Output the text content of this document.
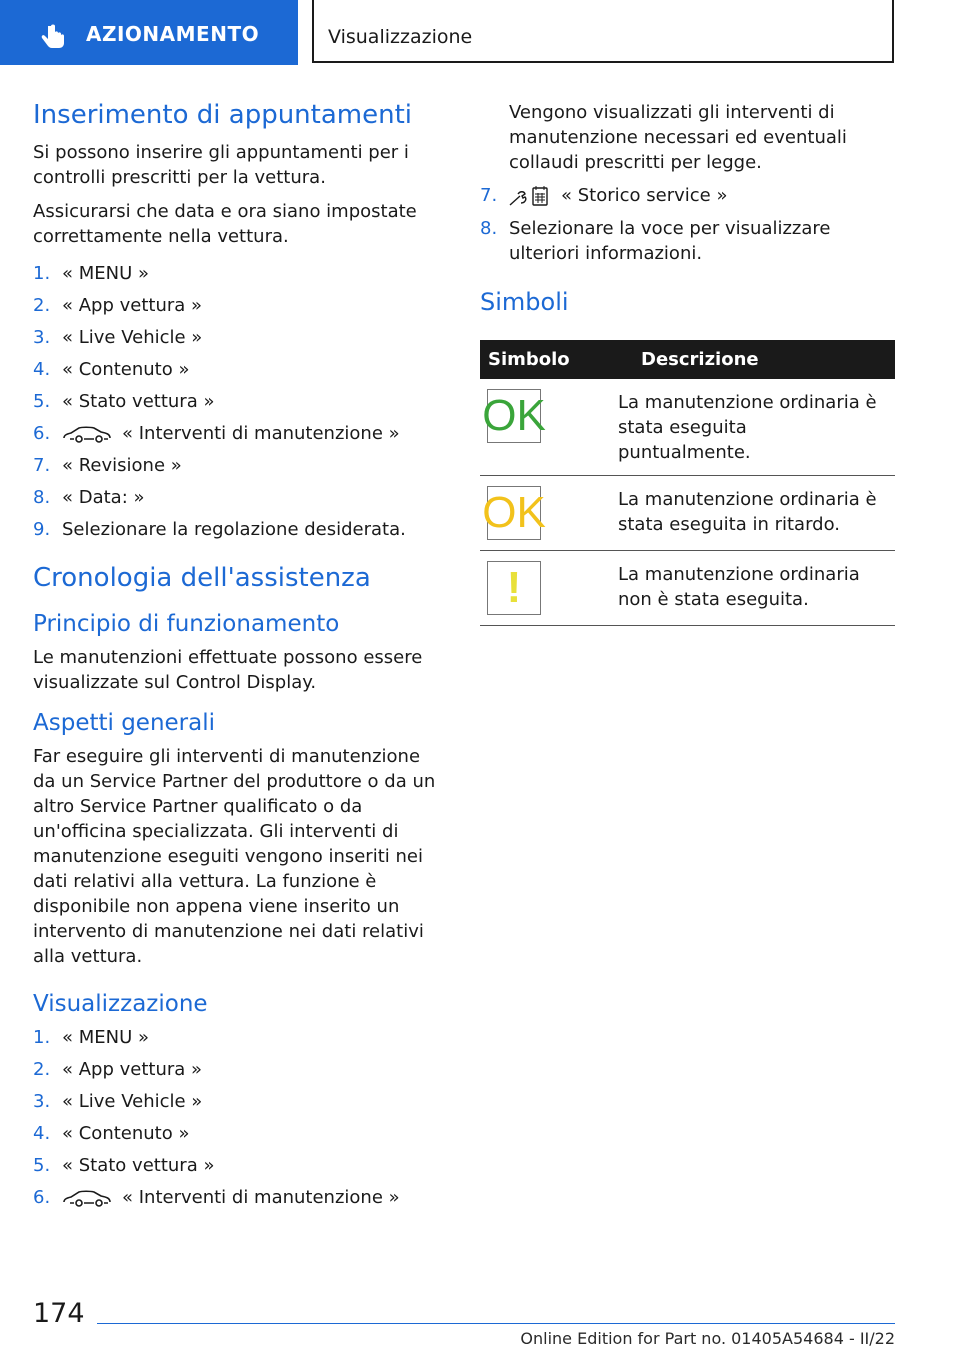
AZIONAMENTO	Visualizzazione
Inserimento di appuntamenti

Si possono inserire gli appuntamenti per i controlli prescritti per la vettura.

Assicurarsi che data e ora siano impostate correttamente nella vettura.

1. « MENU »
2. « App vettura »
3. « Live Vehicle »
4. « Contenuto »
5. « Stato vettura »
6.	« Interventi di manutenzione »
7. « Revisione »
8. « Data: »
9. Selezionare la regolazione desiderata.
Cronologia dell'assistenza
Principio di funzionamento

Le manutenzioni effettuate possono essere visualizzate sul Control Display.

Aspetti generali

Far eseguire gli interventi di manutenzione da un Service Partner del produttore o da un altro Service Partner qualificato o da un'officina specializzata. Gli interventi di manutenzione eseguiti vengono inseriti nei dati relativi alla vettura. La funzione è disponibile non appena viene inserito un intervento di manutenzione nei dati relativi alla vettura.

Visualizzazione
1. « MENU »
2. « App vettura »
3. « Live Vehicle »
4. « Contenuto »
5. « Stato vettura »
6.	« Interventi di manutenzione »

Vengono visualizzati gli interventi di manutenzione necessari ed eventuali collaudi prescritti per legge.

7.	« Storico service »
8. Selezionare la voce per visualizzare ulteriori informazioni.
Simboli
Simbolo	Descrizione

OK	La manutenzione ordinaria è stata eseguita puntualmente.

OK	La manutenzione ordinaria è stata eseguita in ritardo.

!	La manutenzione ordinaria non è stata eseguita.
174
Online Edition for Part no. 01405A54684 - II/22
